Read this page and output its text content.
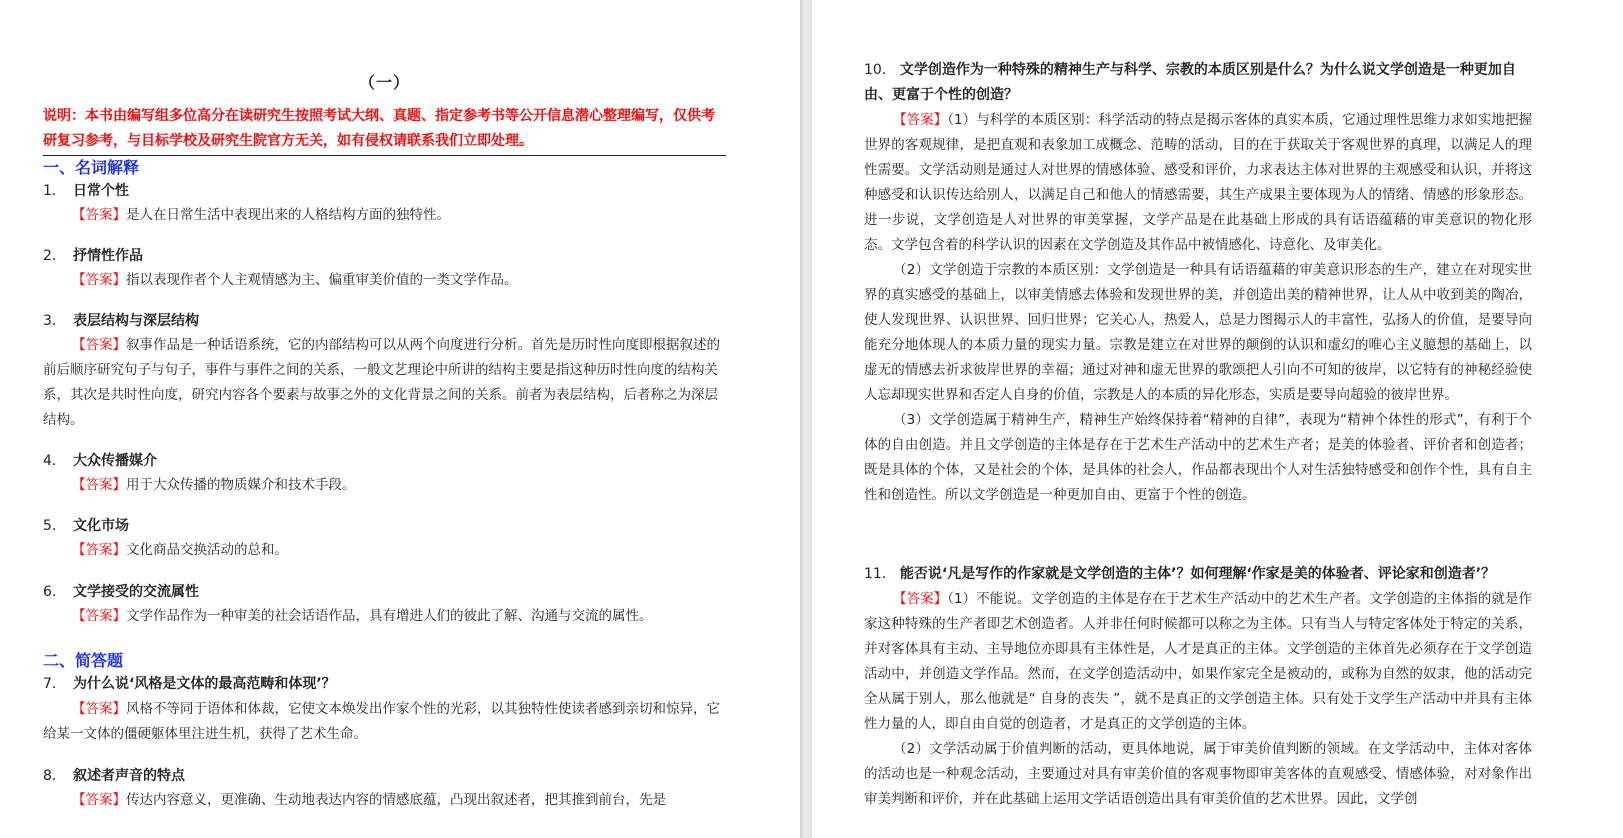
（一）
说明：本书由编写组多位高分在读研究生按照考试大纲、真题、指定参考书等公开信息潜心整理编写，仅供考研复习参考，与目标学校及研究生院官方无关，如有侵权请联系我们立即处理。
一、名词解释
1． 日常个性
【答案】是人在日常生活中表现出来的人格结构方面的独特性。
2． 抒情性作品
【答案】指以表现作者个人主观情感为主、偏重审美价值的一类文学作品。
3． 表层结构与深层结构
【答案】叙事作品是一种话语系统，它的内部结构可以从两个向度进行分析。首先是历时性向度即根据叙述的前后顺序研究句子与句子，事件与事件之间的关系，一般文艺理论中所讲的结构主要是指这种历时性向度的结构关系，其次是共时性向度，研究内容各个要素与故事之外的文化背景之间的关系。前者为表层结构，后者称之为深层结构。
4． 大众传播媒介
【答案】用于大众传播的物质媒介和技术手段。
5． 文化市场
【答案】文化商品交换活动的总和。
6． 文学接受的交流属性
【答案】文学作品作为一种审美的社会话语作品，具有增进人们的彼此了解、沟通与交流的属性。
二、简答题
7． 为什么说‘风格是文体的最高范畴和体现’？
【答案】风格不等同于语体和体裁，它使文本焕发出作家个性的光彩，以其独特性使读者感到亲切和惊异，它给某一文体的僵硬躯体里注进生机，获得了艺术生命。
8． 叙述者声音的特点
【答案】传达内容意义，更准确、生动地表达内容的情感底蕴，凸现出叙述者，把其推到前台，先是
10． 文学创造作为一种特殊的精神生产与科学、宗教的本质区别是什么？为什么说文学创造是一种更加自由、更富于个性的创造？
【答案】（1）与科学的本质区别：科学活动的特点是揭示客体的真实本质，它通过理性思维力求如实地把握世界的客观规律，是把直观和表象加工成概念、范畴的活动，目的在于获取关于客观世界的真理，以满足人的理性需要。文学活动则是通过人对世界的情感体验、感受和评价，力求表达主体对世界的主观感受和认识，并将这种感受和认识传达给别人，以满足自己和他人的情感需要，其生产成果主要体现为人的情绪、情感的形象形态。进一步说，文学创造是人对世界的审美掌握，文学产品是在此基础上形成的具有话语蕴藉的审美意识的物化形态。文学包含着的科学认识的因素在文学创造及其作品中被情感化、诗意化、及审美化。
（2）文学创造于宗教的本质区别：文学创造是一种具有话语蕴藉的审美意识形态的生产，建立在对现实世界的真实感受的基础上，以审美情感去体验和发现世界的美，并创造出美的精神世界，让人从中收到美的陶冶，使人发现世界、认识世界、回归世界；它关心人，热爱人，总是力图揭示人的丰富性，弘扬人的价值，是要导向能充分地体现人的本质力量的现实力量。宗教是建立在对世界的颠倒的认识和虚幻的唯心主义臆想的基础上，以虚无的情感去祈求彼岸世界的幸福；通过对神和虚无世界的歌颂把人引向不可知的彼岸，以它特有的神秘经验使人忘却现实世界和否定人自身的价值，宗教是人的本质的异化形态，实质是要导向超验的彼岸世界。
（3）文学创造属于精神生产，精神生产始终保持着“精神的自律”，表现为“精神个体性的形式”，有利于个体的自由创造。并且文学创造的主体是存在于艺术生产活动中的艺术生产者；是美的体验者、评价者和创造者；既是具体的个体，又是社会的个体，是具体的社会人，作品都表现出个人对生活独特感受和创作个性，具有自主性和创造性。所以文学创造是一种更加自由、更富于个性的创造。
11． 能否说‘凡是写作的作家就是文学创造的主体’？如何理解‘作家是美的体验者、评论家和创造者’？
【答案】（1）不能说。文学创造的主体是存在于艺术生产活动中的艺术生产者。文学创造的主体指的就是作家这种特殊的生产者即艺术创造者。人并非任何时候都可以称之为主体。只有当人与特定客体处于特定的关系，并对客体具有主动、主导地位亦即具有主体性是，人才是真正的主体。文学创造的主体首先必须存在于文学创造活动中，并创造文学作品。然而，在文学创造活动中，如果作家完全是被动的，或称为自然的奴隶，他的活动完全从属于别人，那么他就是“ 自身的丧失 ”，就不是真正的文学创造主体。只有处于文学生产活动中并具有主体性力量的人，即自由自觉的创造者，才是真正的文学创造的主体。
（2）文学活动属于价值判断的活动，更具体地说，属于审美价值判断的领域。在文学活动中，主体对客体的活动也是一种观念活动，主要通过对具有审美价值的客观事物即审美客体的直观感受、情感体验，对对象作出审美判断和评价，并在此基础上运用文学话语创造出具有审美价值的艺术世界。因此，文学创
